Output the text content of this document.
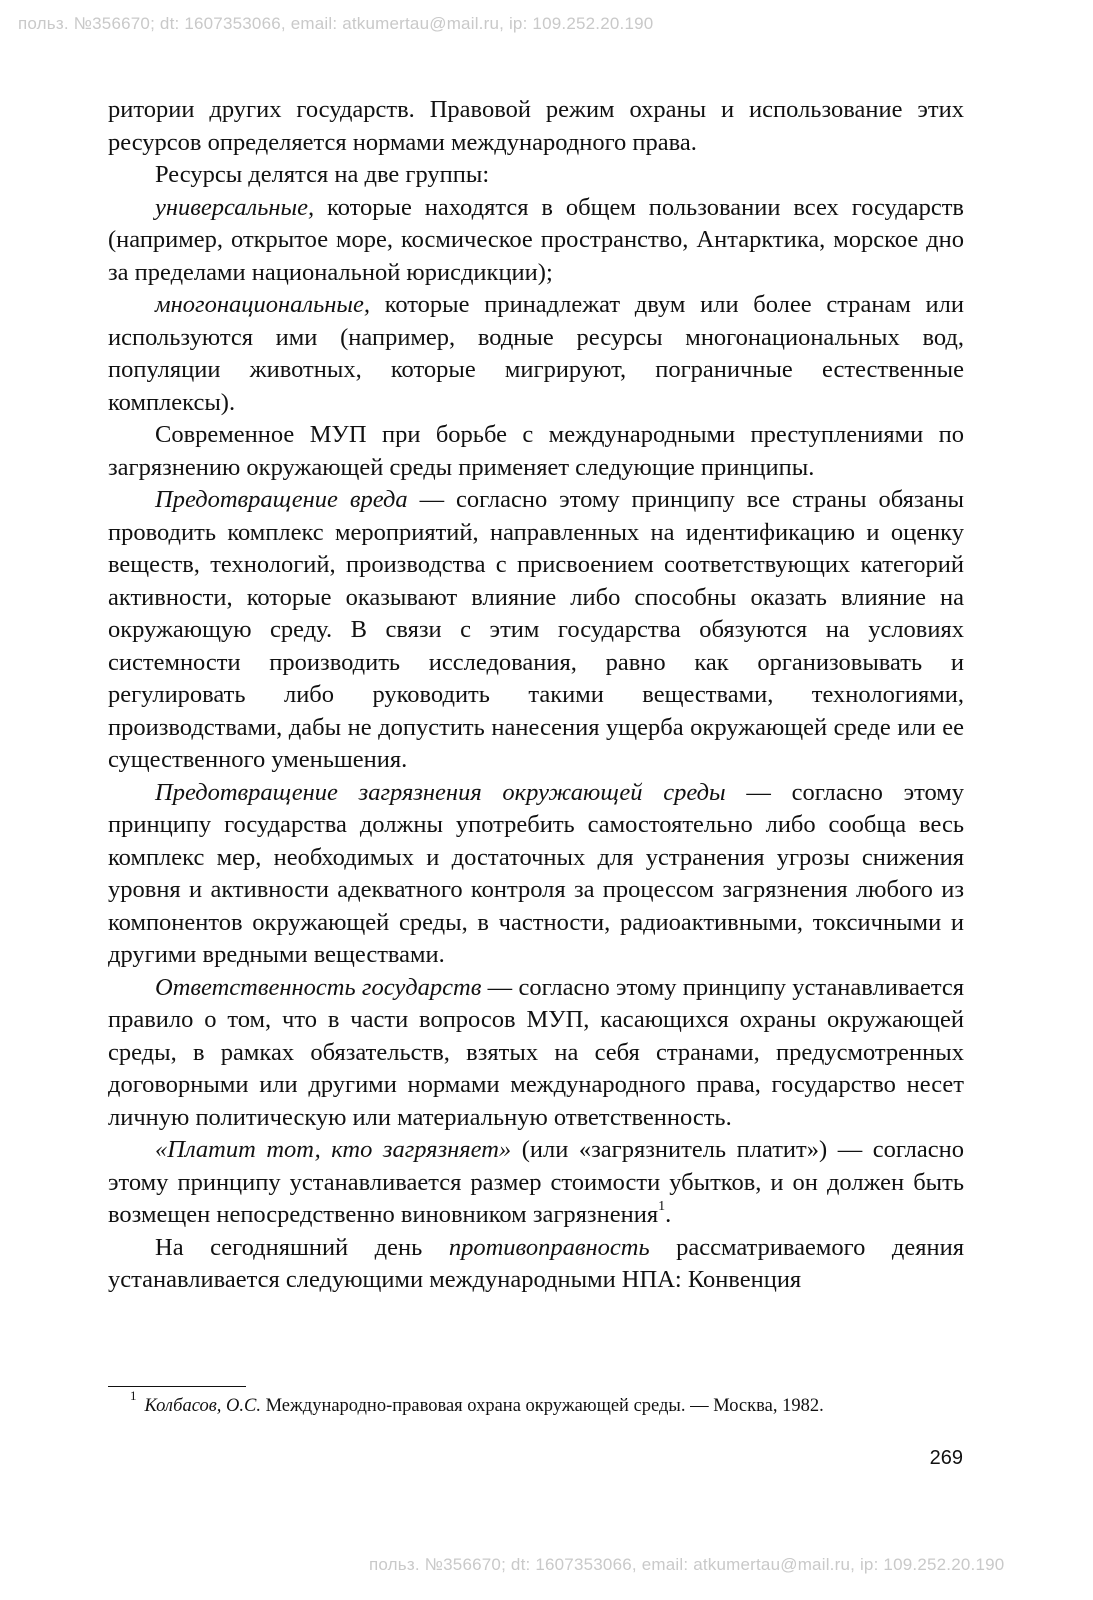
польз. №356670; dt: 1607353066, email: atkumertau@mail.ru, ip: 109.252.20.190

ритории других государств. Правовой режим охраны и использование этих ресурсов определяется нормами международного права.

Ресурсы делятся на две группы:

универсальные, которые находятся в общем пользовании всех государств (например, открытое море, космическое пространство, Антарктика, морское дно за пределами национальной юрисдикции);

многонациональные, которые принадлежат двум или более странам или используются ими (например, водные ресурсы многонациональных вод, популяции животных, которые мигрируют, пограничные естественные комплексы).

Современное МУП при борьбе с международными преступлениями по загрязнению окружающей среды применяет следующие принципы.

Предотвращение вреда — согласно этому принципу все страны обязаны проводить комплекс мероприятий, направленных на идентификацию и оценку веществ, технологий, производства с присвоением соответствующих категорий активности, которые оказывают влияние либо способны оказать влияние на окружающую среду. В связи с этим государства обязуются на условиях системности производить исследования, равно как организовывать и регулировать либо руководить такими веществами, технологиями, производствами, дабы не допустить нанесения ущерба окружающей среде или ее существенного уменьшения.

Предотвращение загрязнения окружающей среды — согласно этому принципу государства должны употребить самостоятельно либо сообща весь комплекс мер, необходимых и достаточных для устранения угрозы снижения уровня и активности адекватного контроля за процессом загрязнения любого из компонентов окружающей среды, в частности, радиоактивными, токсичными и другими вредными веществами.

Ответственность государств — согласно этому принципу устанавливается правило о том, что в части вопросов МУП, касающихся охраны окружающей среды, в рамках обязательств, взятых на себя странами, предусмотренных договорными или другими нормами международного права, государство несет личную политическую или материальную ответственность.

«Платит тот, кто загрязняет» (или «загрязнитель платит») — согласно этому принципу устанавливается размер стоимости убытков, и он должен быть возмещен непосредственно виновником загрязнения$^1$.

На сегодняшний день противоправность рассматриваемого деяния устанавливается следующими международными НПА: Конвенция

$^1$Колбасов, О.С. Международно-правовая охрана окружающей среды. — Москва, 1982.
269
польз. №356670; dt: 1607353066, email: atkumertau@mail.ru, ip: 109.252.20.190
